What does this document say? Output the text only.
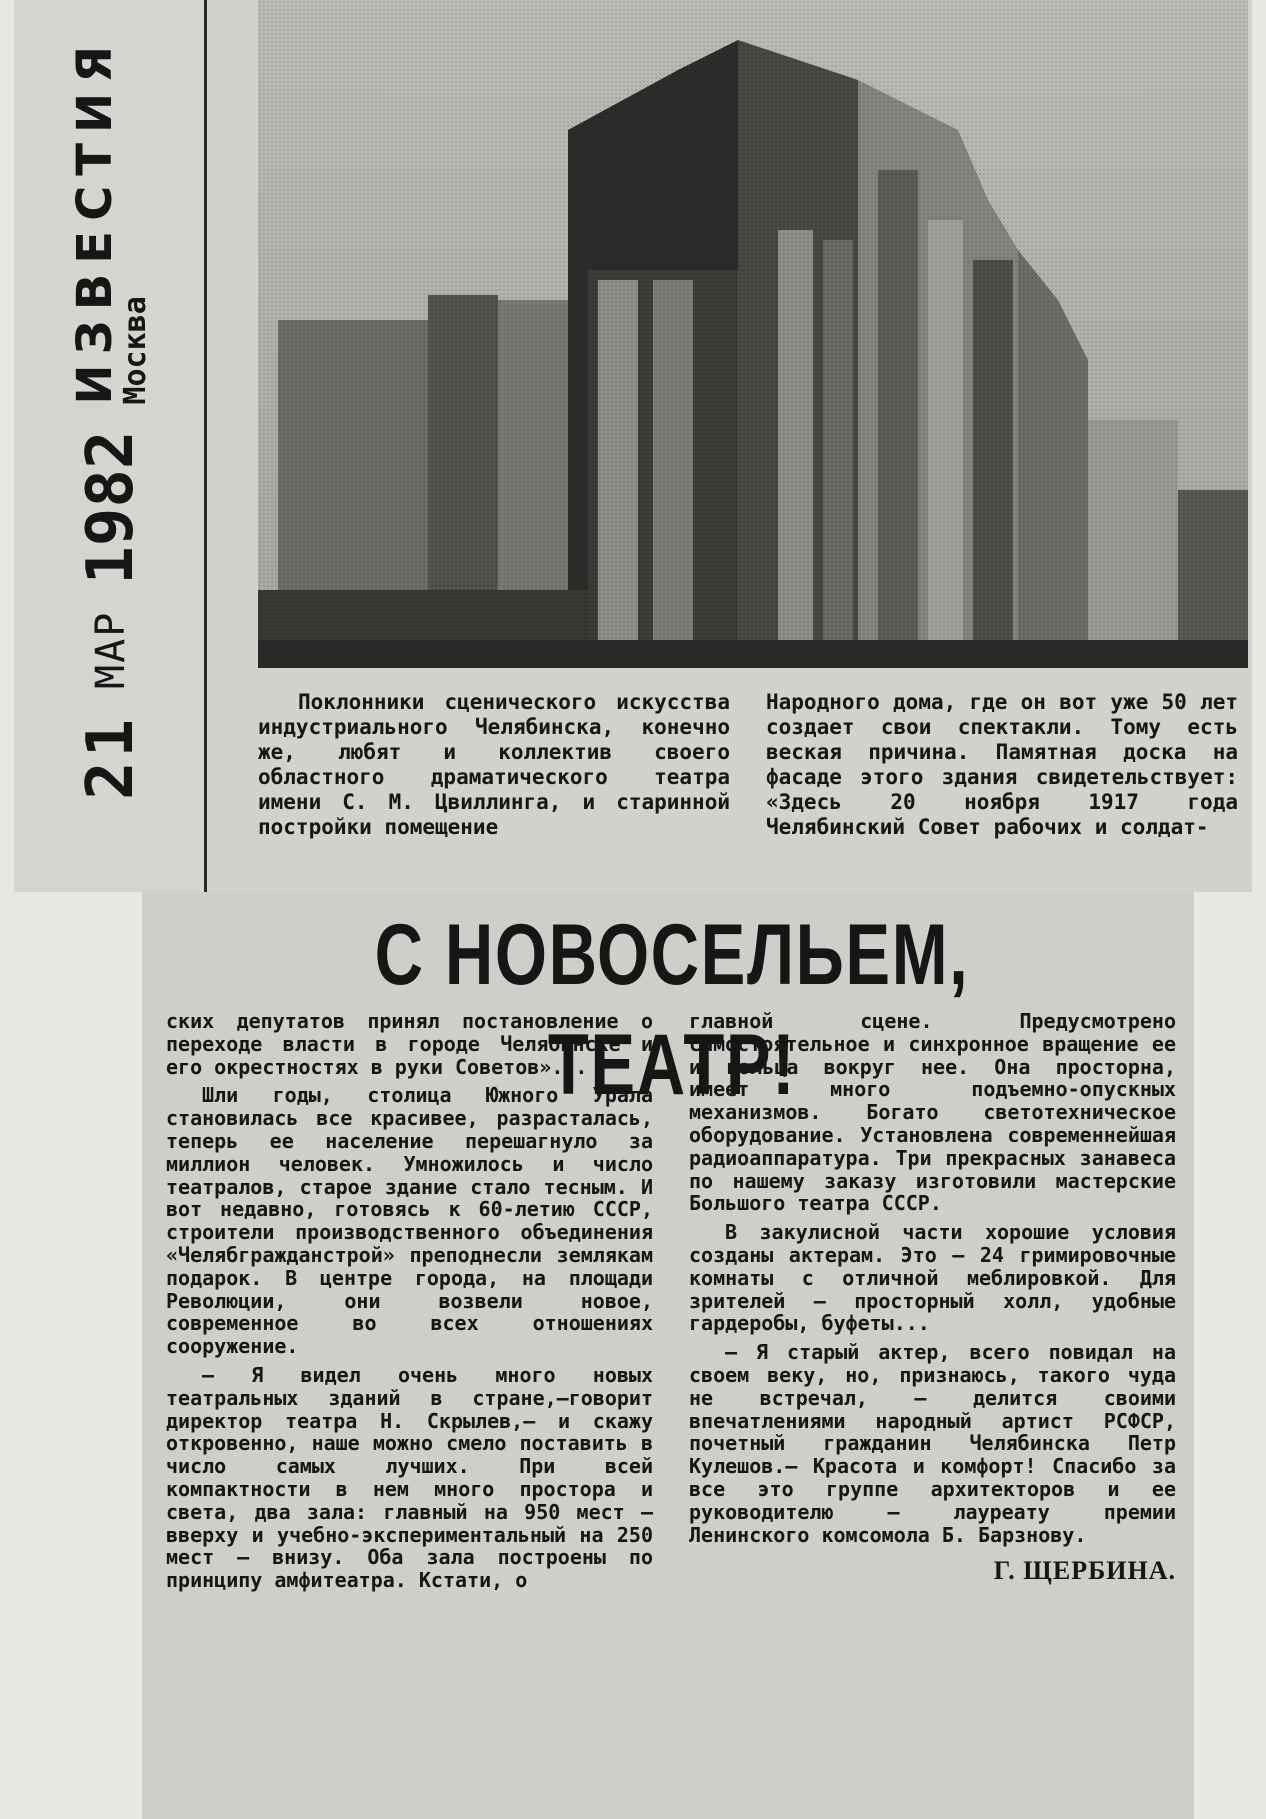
21
МАР
1982
ИЗВЕСТИЯ
Москва

Поклонники сценического искусства индустриального Челябинска, конечно же, любят и коллектив своего областного драматического театра имени С. М. Цвиллинга, и старинной постройки помещение

Народного дома, где он вот уже 50 лет создает свои спектакли. Тому есть веская причина. Памятная доска на фасаде этого здания свидетельствует: «Здесь 20 ноября 1917 года Челябинский Совет рабочих и солдат-

С НОВОСЕЛЬЕМ, ТЕАТР!

ских депутатов принял постановление о переходе власти в городе Челябинске и его окрестностях в руки Советов»...

Шли годы, столица Южного Урала становилась все красивее, разрасталась, теперь ее население перешагнуло за миллион человек. Умножилось и число театралов, старое здание стало тесным. И вот недавно, готовясь к 60-летию СССР, строители производственного объединения «Челябгражданстрой» преподнесли землякам подарок. В центре города, на площади Революции, они возвели новое, современное во всех отношениях сооружение.

— Я видел очень много новых театральных зданий в стране,—говорит директор театра Н. Скрылев,— и скажу откровенно, наше можно смело поставить в число самых лучших. При всей компактности в нем много простора и света, два зала: главный на 950 мест — вверху и учебно-экспериментальный на 250 мест — внизу. Оба зала построены по принципу амфитеатра. Кстати, о

главной сцене. Предусмотрено самостоятельное и синхронное вращение ее и кольца вокруг нее. Она просторна, имеет много подъемно-опускных механизмов. Богато светотехническое оборудование. Установлена современнейшая радиоаппаратура. Три прекрасных занавеса по нашему заказу изготовили мастерские Большого театра СССР.

В закулисной части хорошие условия созданы актерам. Это — 24 гримировочные комнаты с отличной меблировкой. Для зрителей — просторный холл, удобные гардеробы, буфеты...

— Я старый актер, всего повидал на своем веку, но, признаюсь, такого чуда не встречал, — делится своими впечатлениями народный артист РСФСР, почетный гражданин Челябинска Петр Кулешов.— Красота и комфорт! Спасибо за все это группе архитекторов и ее руководителю — лауреату премии Ленинского комсомола Б. Барзнову.

Г. ЩЕРБИНА.
